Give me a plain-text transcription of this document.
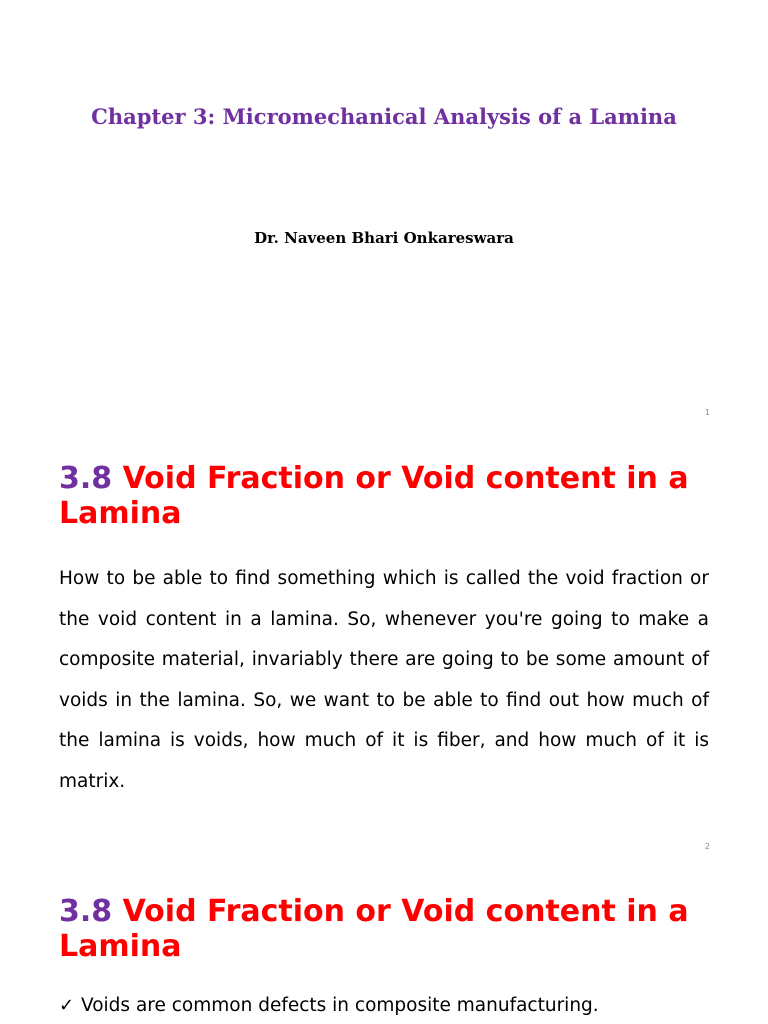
Chapter 3: Micromechanical Analysis of a Lamina

Dr. Naveen Bhari Onkareswara

1
3.8 Void Fraction or Void content in a Lamina

How to be able to find something which is called the void fraction or the void content in a lamina. So, whenever you're going to make a composite material, invariably there are going to be some amount of voids in the lamina. So, we want to be able to find out how much of the lamina is voids, how much of it is fiber, and how much of it is matrix.

2
3.8 Void Fraction or Void content in a Lamina
✓ Voids are common defects in composite manufacturing.
